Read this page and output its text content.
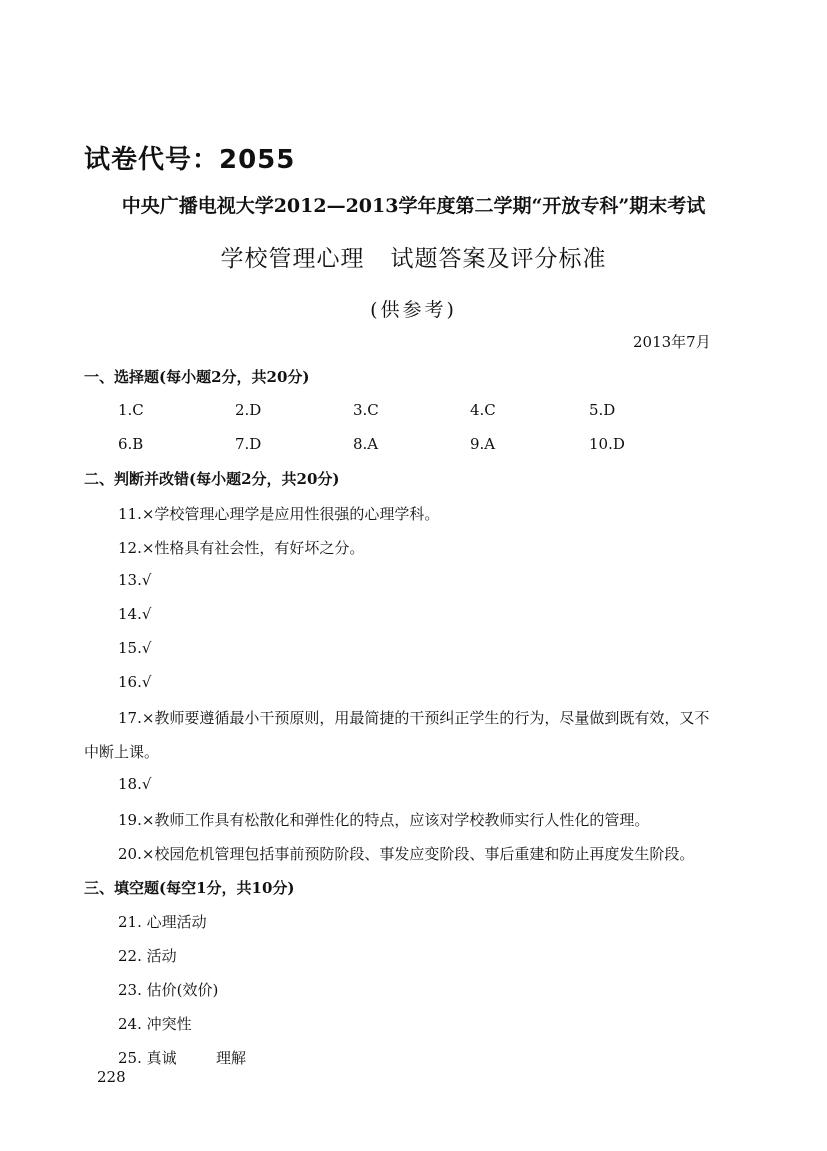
试卷代号：2055
中央广播电视大学2012—2013学年度第二学期“开放专科”期末考试
学校管理心理 试题答案及评分标准
(供参考)
2013年7月
一、选择题(每小题2分，共20分)
1.C	2.D	3.C	4.C	5.D
6.B	7.D	8.A	9.A	10.D
二、判断并改错(每小题2分，共20分)
11.×学校管理心理学是应用性很强的心理学科。
12.×性格具有社会性，有好坏之分。
13.√
14.√
15.√
16.√
17.×教师要遵循最小干预原则，用最简捷的干预纠正学生的行为，尽量做到既有效，又不
中断上课。
18.√
19.×教师工作具有松散化和弹性化的特点，应该对学校教师实行人性化的管理。
20.×校园危机管理包括事前预防阶段、事发应变阶段、事后重建和防止再度发生阶段。
三、填空题(每空1分，共10分)
21. 心理活动
22. 活动
23. 估价(效价)
24. 冲突性
25. 真诚	理解
228
